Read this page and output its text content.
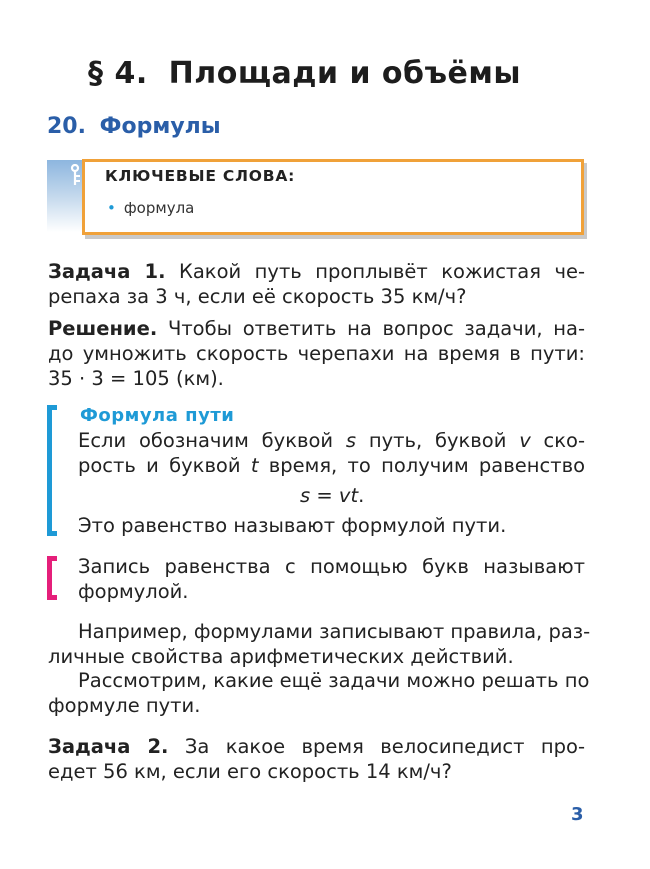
§ 4. Площади и объёмы
20. Формулы
КЛЮЧЕВЫЕ СЛОВА:
• формула
Задача 1. Какой путь проплывёт кожистая че-
репаха за 3 ч, если её скорость 35 км/ч?
Решение. Чтобы ответить на вопрос задачи, на-
до умножить скорость черепахи на время в пути:
35 · 3 = 105 (км).
Формула пути
Если обозначим буквой s путь, буквой v ско-
рость и буквой t время, то получим равенство
s = vt.
Это равенство называют формулой пути.
Запись равенства с помощью букв называют
формулой.
Например, формулами записывают правила, раз-
личные свойства арифметических действий.
Рассмотрим, какие ещё задачи можно решать по
формуле пути.
Задача 2. За какое время велосипедист про-
едет 56 км, если его скорость 14 км/ч?
3
